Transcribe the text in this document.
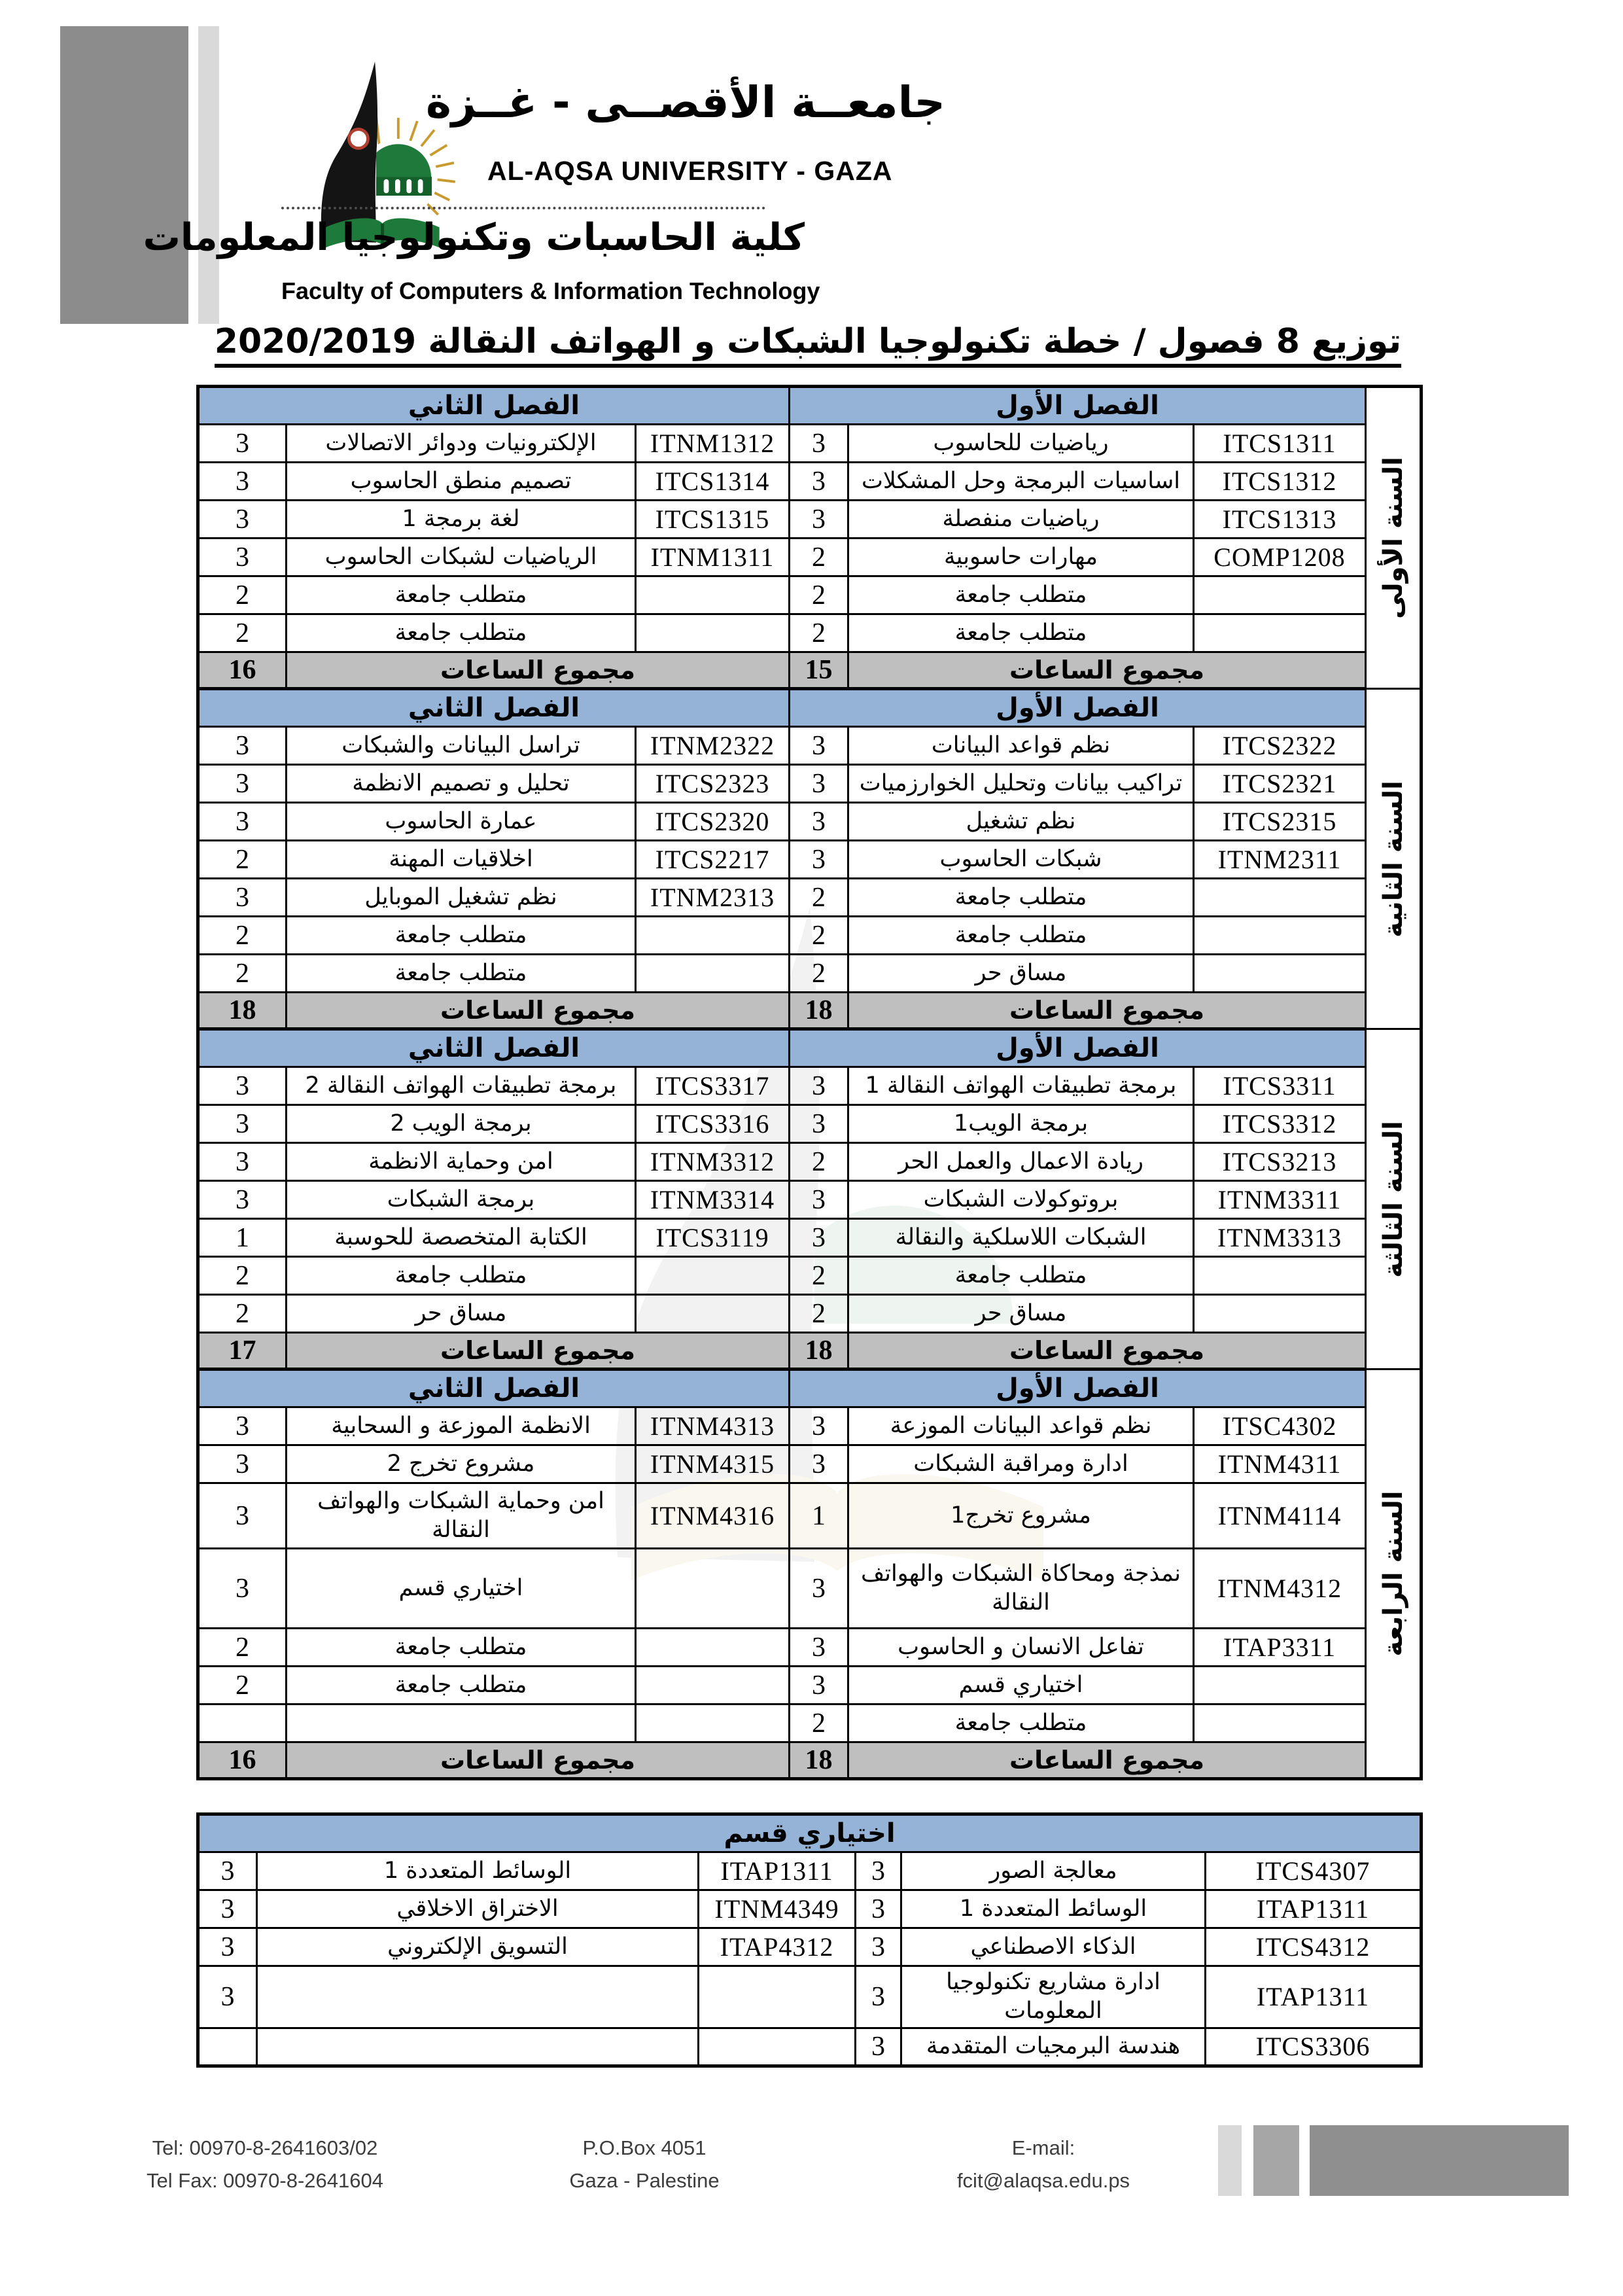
جامعــة الأقصــى - غــزة
AL-AQSA UNIVERSITY - GAZA
كلية الحاسبات وتكنولوجيا المعلومات
Faculty of Computers & Information Technology
توزيع 8 فصول / خطة تكنولوجيا الشبكات و الهواتف النقالة 2020/2019
الفصل الثاني			الفصل الأول			السنة الأولى

3	الإلكترونيات ودوائر الاتصالات	ITNM1312	3	رياضيات للحاسوب	ITCS1311	
3	تصميم منطق الحاسوب	ITCS1314	3	اساسيات البرمجة وحل المشكلات	ITCS1312	
3	لغة برمجة 1	ITCS1315	3	رياضيات منفصلة	ITCS1313	
3	الرياضيات لشبكات الحاسوب	ITNM1311	2	مهارات حاسوبية	COMP1208	
2	متطلب جامعة		2	متطلب جامعة		
2	متطلب جامعة		2	متطلب جامعة		
16	مجموع الساعات		15	مجموع الساعات		
الفصل الثاني			الفصل الأول			السنة الثانية

3	تراسل البيانات والشبكات	ITNM2322	3	نظم قواعد البيانات	ITCS2322	
3	تحليل و تصميم الانظمة	ITCS2323	3	تراكيب بيانات وتحليل الخوارزميات	ITCS2321	
3	عمارة الحاسوب	ITCS2320	3	نظم تشغيل	ITCS2315	
2	اخلاقيات المهنة	ITCS2217	3	شبكات الحاسوب	ITNM2311	
3	نظم تشغيل الموبايل	ITNM2313	2	متطلب جامعة		
2	متطلب جامعة		2	متطلب جامعة		
2	متطلب جامعة		2	مساق حر		
18	مجموع الساعات		18	مجموع الساعات		
الفصل الثاني			الفصل الأول			السنة الثالثة

3	برمجة تطبيقات الهواتف النقالة 2	ITCS3317	3	برمجة تطبيقات الهواتف النقالة 1	ITCS3311	
3	برمجة الويب 2	ITCS3316	3	برمجة الويب1	ITCS3312	
3	امن وحماية الانظمة	ITNM3312	2	ريادة الاعمال والعمل الحر	ITCS3213	
3	برمجة الشبكات	ITNM3314	3	بروتوكولات الشبكات	ITNM3311	
1	الكتابة المتخصصة للحوسبة	ITCS3119	3	الشبكات اللاسلكية والنقالة	ITNM3313	
2	متطلب جامعة		2	متطلب جامعة		
2	مساق حر		2	مساق حر		
17	مجموع الساعات		18	مجموع الساعات		
الفصل الثاني			الفصل الأول			السنة الرابعة

3	الانظمة الموزعة و السحابية	ITNM4313	3	نظم قواعد البيانات الموزعة	ITSC4302	
3	مشروع تخرج 2	ITNM4315	3	ادارة ومراقبة الشبكات	ITNM4311	
3	امن وحماية الشبكات والهواتف النقالة	ITNM4316	1	مشروع تخرج1	ITNM4114	
3	اختياري قسم		3	نمذجة ومحاكاة الشبكات والهواتف النقالة	ITNM4312	
2	متطلب جامعة		3	تفاعل الانسان و الحاسوب	ITAP3311	
2	متطلب جامعة		3	اختياري قسم		
			2	متطلب جامعة		
16	مجموع الساعات		18	مجموع الساعات		
اختياري قسم					
3	الوسائط المتعددة 1	ITAP1311	3	معالجة الصور	ITCS4307
3	الاختراق الاخلاقي	ITNM4349	3	الوسائط المتعددة 1	ITAP1311
3	التسويق الإلكتروني	ITAP4312	3	الذكاء الاصطناعي	ITCS4312
3			3	ادارة مشاريع تكنولوجيا المعلومات	ITAP1311
			3	هندسة البرمجيات المتقدمة	ITCS3306
Tel: 00970-8-2641603/02
Tel Fax: 00970-8-2641604
P.O.Box 4051
Gaza - Palestine
E-mail:
fcit@alaqsa.edu.ps
